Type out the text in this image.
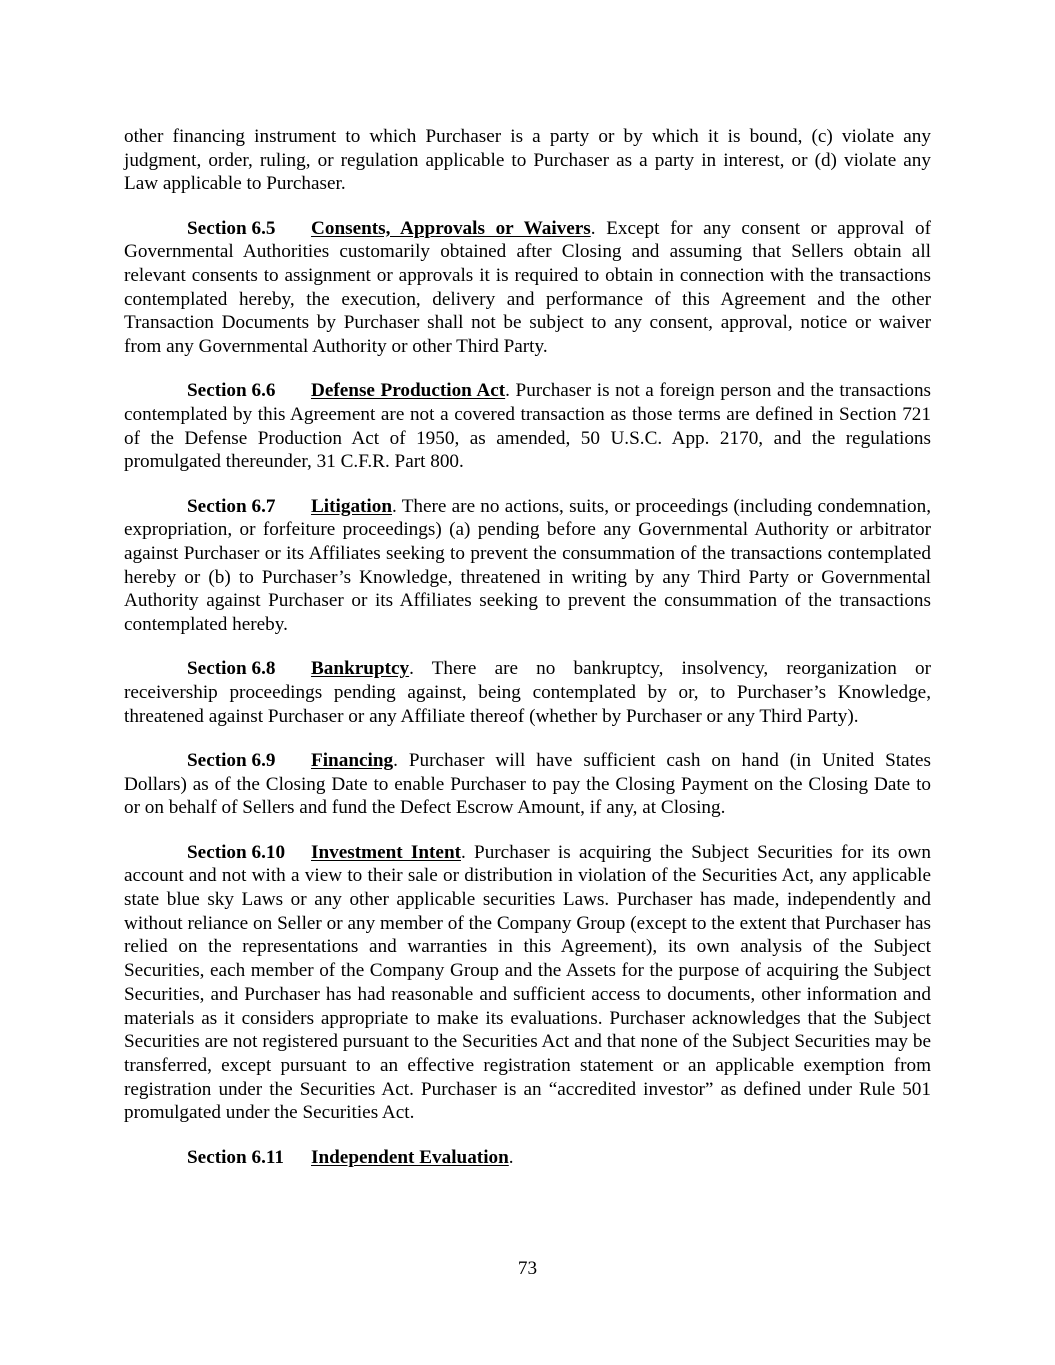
other financing instrument to which Purchaser is a party or by which it is bound, (c) violate any judgment, order, ruling, or regulation applicable to Purchaser as a party in interest, or (d) violate any Law applicable to Purchaser.

Section 6.5 Consents, Approvals or Waivers. Except for any consent or approval of Governmental Authorities customarily obtained after Closing and assuming that Sellers obtain all relevant consents to assignment or approvals it is required to obtain in connection with the transactions contemplated hereby, the execution, delivery and performance of this Agreement and the other Transaction Documents by Purchaser shall not be subject to any consent, approval, notice or waiver from any Governmental Authority or other Third Party.

Section 6.6 Defense Production Act. Purchaser is not a foreign person and the transactions contemplated by this Agreement are not a covered transaction as those terms are defined in Section 721 of the Defense Production Act of 1950, as amended, 50 U.S.C. App. 2170, and the regulations promulgated thereunder, 31 C.F.R. Part 800.

Section 6.7 Litigation. There are no actions, suits, or proceedings (including condemnation, expropriation, or forfeiture proceedings) (a) pending before any Governmental Authority or arbitrator against Purchaser or its Affiliates seeking to prevent the consummation of the transactions contemplated hereby or (b) to Purchaser’s Knowledge, threatened in writing by any Third Party or Governmental Authority against Purchaser or its Affiliates seeking to prevent the consummation of the transactions contemplated hereby.

Section 6.8 Bankruptcy. There are no bankruptcy, insolvency, reorganization or receivership proceedings pending against, being contemplated by or, to Purchaser’s Knowledge, threatened against Purchaser or any Affiliate thereof (whether by Purchaser or any Third Party).

Section 6.9 Financing. Purchaser will have sufficient cash on hand (in United States Dollars) as of the Closing Date to enable Purchaser to pay the Closing Payment on the Closing Date to or on behalf of Sellers and fund the Defect Escrow Amount, if any, at Closing.

Section 6.10 Investment Intent. Purchaser is acquiring the Subject Securities for its own account and not with a view to their sale or distribution in violation of the Securities Act, any applicable state blue sky Laws or any other applicable securities Laws. Purchaser has made, independently and without reliance on Seller or any member of the Company Group (except to the extent that Purchaser has relied on the representations and warranties in this Agreement), its own analysis of the Subject Securities, each member of the Company Group and the Assets for the purpose of acquiring the Subject Securities, and Purchaser has had reasonable and sufficient access to documents, other information and materials as it considers appropriate to make its evaluations. Purchaser acknowledges that the Subject Securities are not registered pursuant to the Securities Act and that none of the Subject Securities may be transferred, except pursuant to an effective registration statement or an applicable exemption from registration under the Securities Act. Purchaser is an “accredited investor” as defined under Rule 501 promulgated under the Securities Act.

Section 6.11 Independent Evaluation.

73
